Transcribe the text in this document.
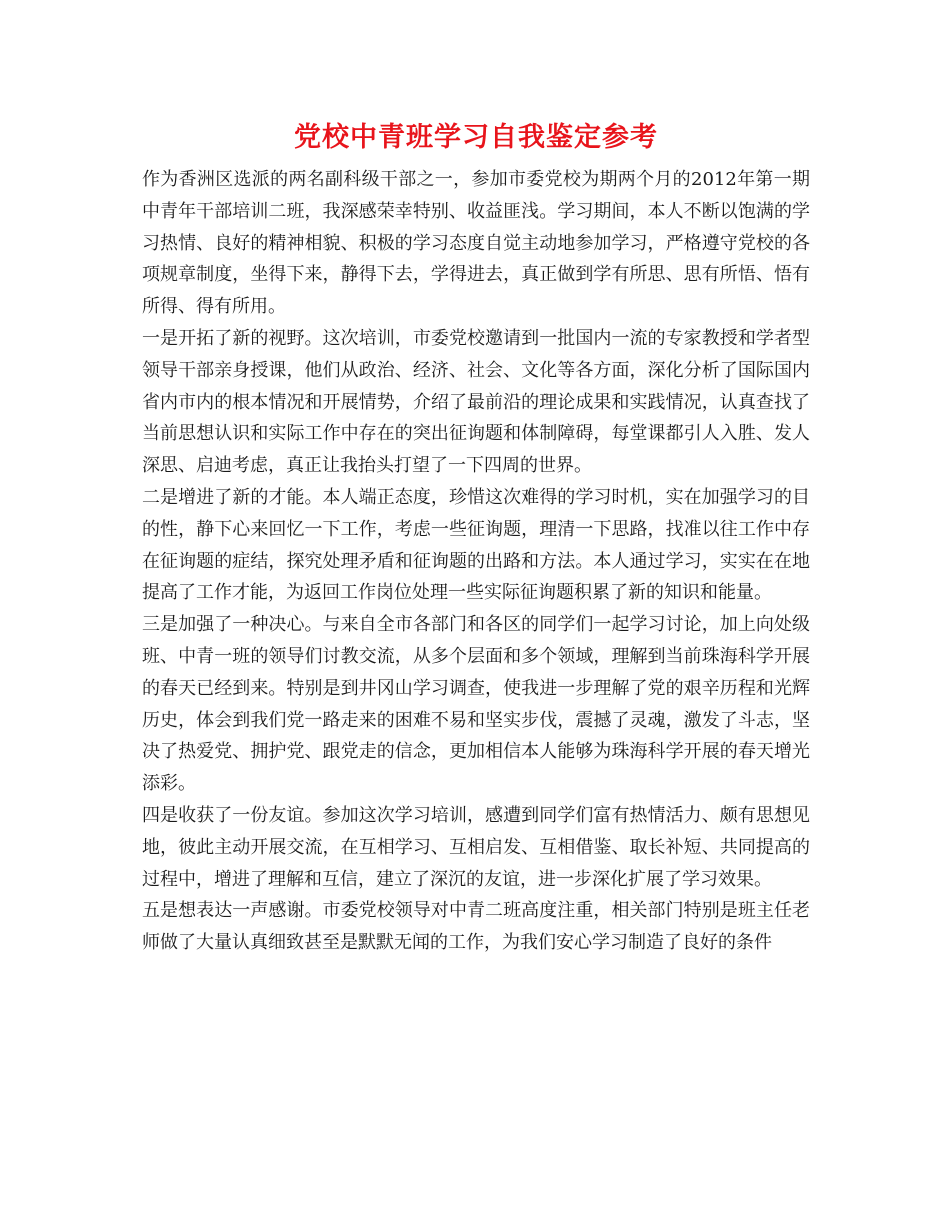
党校中青班学习自我鉴定参考

作为香洲区选派的两名副科级干部之一，参加市委党校为期两个月的2012年第一期中青年干部培训二班，我深感荣幸特别、收益匪浅。学习期间，本人不断以饱满的学习热情、良好的精神相貌、积极的学习态度自觉主动地参加学习，严格遵守党校的各项规章制度，坐得下来，静得下去，学得进去，真正做到学有所思、思有所悟、悟有所得、得有所用。

一是开拓了新的视野。这次培训，市委党校邀请到一批国内一流的专家教授和学者型领导干部亲身授课，他们从政治、经济、社会、文化等各方面，深化分析了国际国内省内市内的根本情况和开展情势，介绍了最前沿的理论成果和实践情况，认真查找了当前思想认识和实际工作中存在的突出征询题和体制障碍，每堂课都引人入胜、发人深思、启迪考虑，真正让我抬头打望了一下四周的世界。

二是增进了新的才能。本人端正态度，珍惜这次难得的学习时机，实在加强学习的目的性，静下心来回忆一下工作，考虑一些征询题，理清一下思路，找准以往工作中存在征询题的症结，探究处理矛盾和征询题的出路和方法。本人通过学习，实实在在地提高了工作才能，为返回工作岗位处理一些实际征询题积累了新的知识和能量。

三是加强了一种决心。与来自全市各部门和各区的同学们一起学习讨论，加上向处级班、中青一班的领导们讨教交流，从多个层面和多个领域，理解到当前珠海科学开展的春天已经到来。特别是到井冈山学习调查，使我进一步理解了党的艰辛历程和光辉历史，体会到我们党一路走来的困难不易和坚实步伐，震撼了灵魂，激发了斗志，坚决了热爱党、拥护党、跟党走的信念，更加相信本人能够为珠海科学开展的春天增光添彩。

四是收获了一份友谊。参加这次学习培训，感遭到同学们富有热情活力、颇有思想见地，彼此主动开展交流，在互相学习、互相启发、互相借鉴、取长补短、共同提高的过程中，增进了理解和互信，建立了深沉的友谊，进一步深化扩展了学习效果。

五是想表达一声感谢。市委党校领导对中青二班高度注重，相关部门特别是班主任老师做了大量认真细致甚至是默默无闻的工作，为我们安心学习制造了良好的条件
